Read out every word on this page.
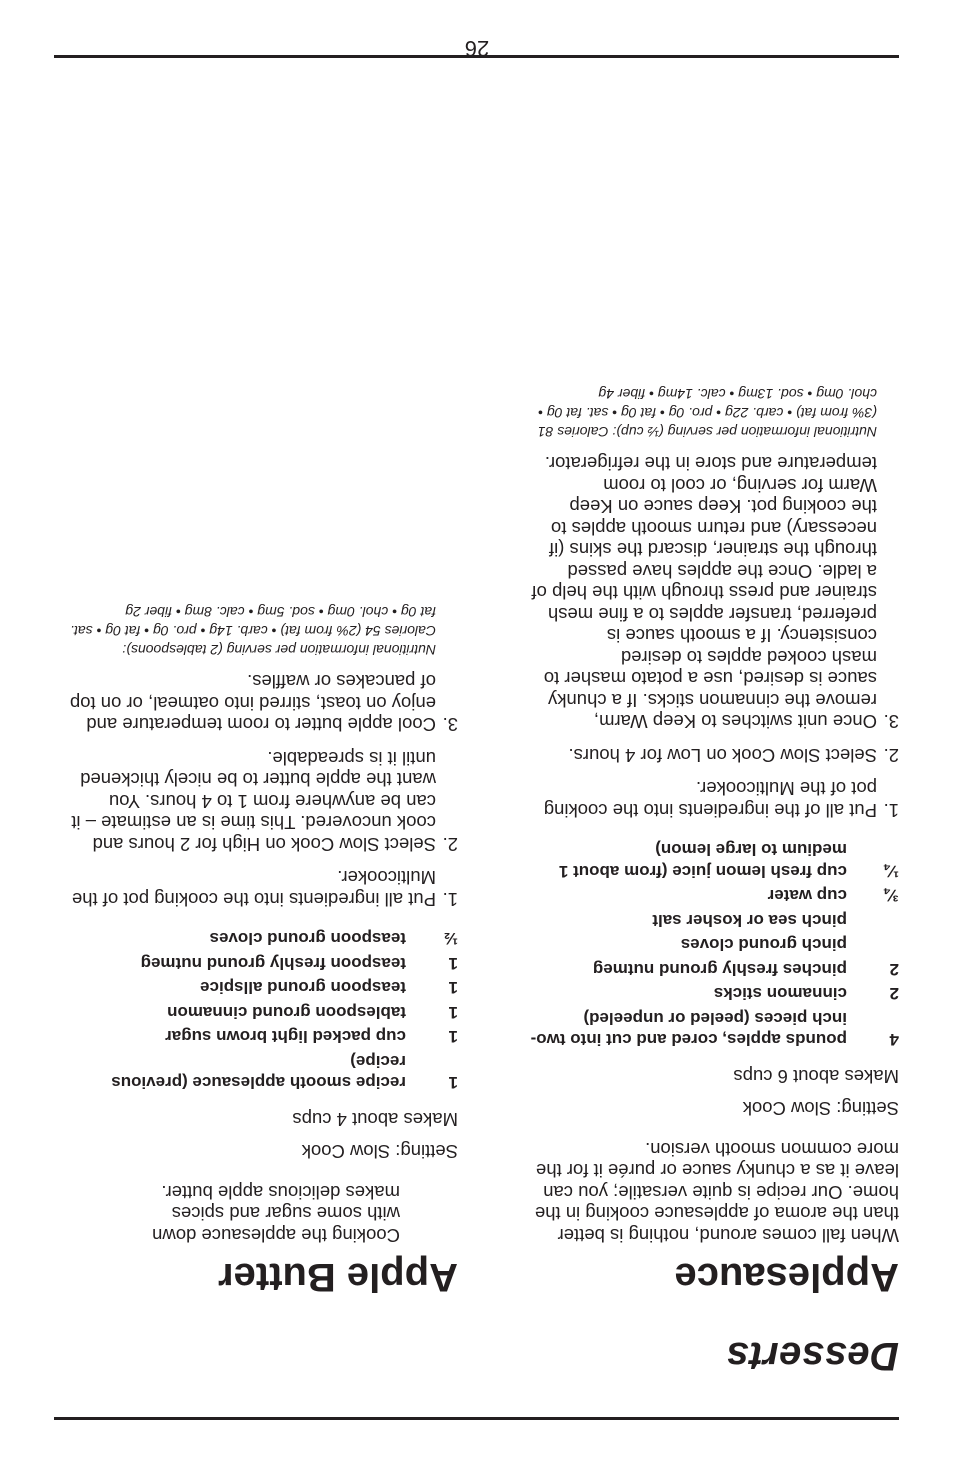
Desserts
Applesauce

When fall comes around, nothing is better than the aroma of applesauce cooking in the home. Our recipe is quite versatile; you can leave it as a chunky sauce or purée it for the more common smooth version.

Setting: Slow Cook

Makes about 6 cups

4
pounds apples, cored and cut into two-inch pieces (peeled or unpeeled)
2
cinnamon sticks
2
pinches freshly ground nutmeg
pinch ground cloves
pinch sea or kosher salt
¾
cup water
¼
cup fresh lemon juice (from about 1 medium to large lemon)
1.
Put all of the ingredients into the cooking pot of the Multicooker.
2.
Select Slow Cook on Low for 4 hours.
3.
Once unit switches to Keep Warm, remove the cinnamon sticks. If a chunky sauce is desired, use a potato masher to mash cooked apples to desired consistency. If a smooth sauce is preferred, transfer apples to a fine mesh strainer and press through with the help of a ladle. Once the apples have passed through the strainer, discard the skins (if necessary) and return smooth apples to the cooking pot. Keep sauce on Keep Warm for serving, or cool to room temperature and store in the refrigerator.

Nutritional information per serving (½ cup): Calories 81 (3% from fat) • carb. 22g • pro. 0g • fat 0g • sat. fat 0g • chol. 0mg • sod. 13mg • calc. 14mg • fiber 4g

Apple Butter

Cooking the applesauce down with some sugar and spices makes delicious apple butter.

Setting: Slow Cook

Makes about 4 cups

1
recipe smooth applesauce (previous recipe)
1
cup packed light brown sugar
1
tablespoon ground cinnamon
1
teaspoon ground allspice
1
teaspoon freshly ground nutmeg
½
teaspoon ground cloves
1.
Put all ingredients into the cooking pot of the Multicooker.
2.
Select Slow Cook on High for 2 hours and cook uncovered. This time is an estimate – it can be anywhere from 1 to 4 hours. You want the apple butter to be nicely thickened until it is spreadable.
3.
Cool apple butter to room temperature and enjoy on toast, stirred into oatmeal, or on top of pancakes or waffles.

Nutritional information per serving (2 tablespoons): Calories 54 (2% from fat) • carb. 14g • pro. 0g • fat 0g • sat. fat 0g • chol. 0mg • sod. 5mg • calc. 8mg • fiber 2g

26
